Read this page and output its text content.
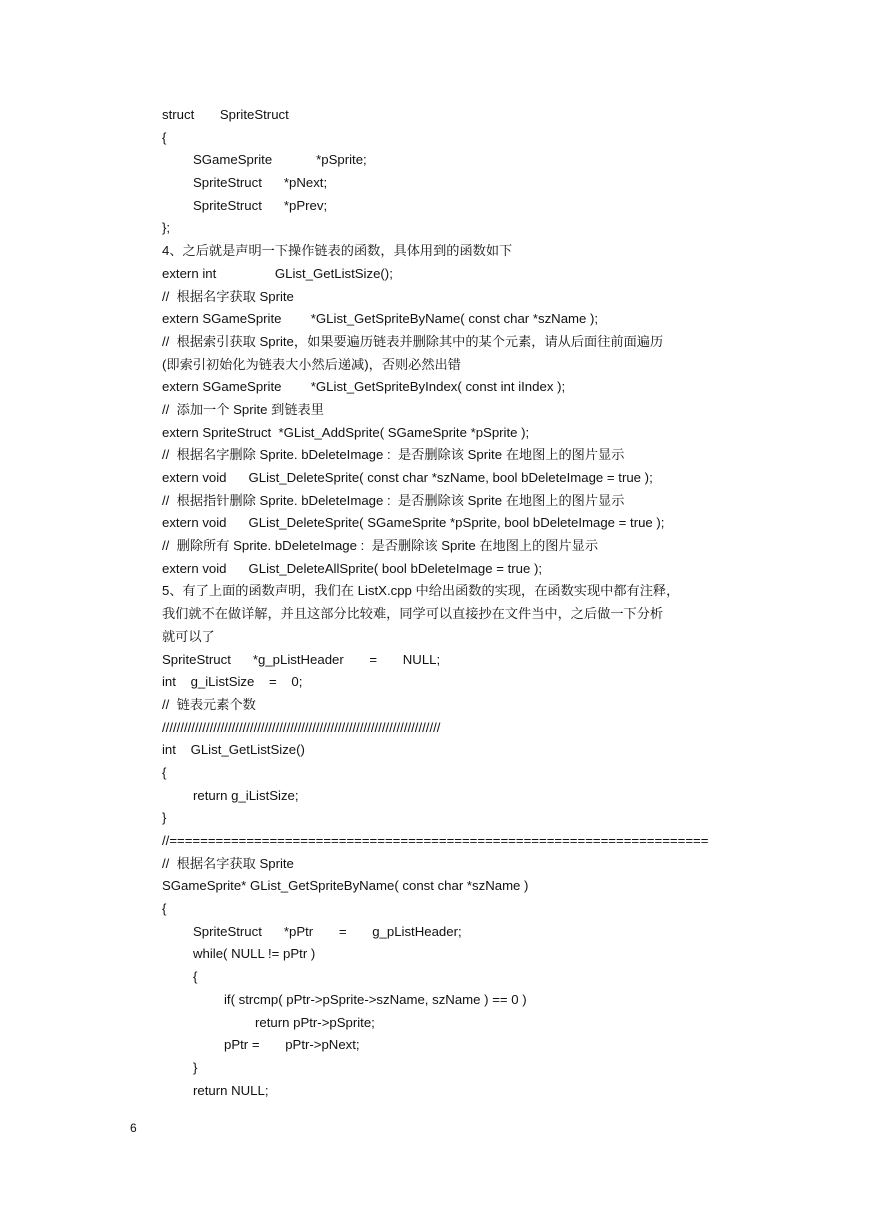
struct       SpriteStruct
{
SGameSprite            *pSprite;
SpriteStruct      *pNext;
SpriteStruct      *pPrev;
};
4、之后就是声明一下操作链表的函数，具体用到的函数如下
extern int                GList_GetListSize();
//  根据名字获取 Sprite
extern SGameSprite        *GList_GetSpriteByName( const char *szName );
//  根据索引获取 Sprite，如果要遍历链表并删除其中的某个元素，请从后面往前面遍历
(即索引初始化为链表大小然后递减)，否则必然出错
extern SGameSprite        *GList_GetSpriteByIndex( const int iIndex );
//  添加一个 Sprite 到链表里
extern SpriteStruct  *GList_AddSprite( SGameSprite *pSprite );
//  根据名字删除 Sprite. bDeleteImage :  是否删除该 Sprite 在地图上的图片显示
extern void      GList_DeleteSprite( const char *szName, bool bDeleteImage = true );
//  根据指针删除 Sprite. bDeleteImage :  是否删除该 Sprite 在地图上的图片显示
extern void      GList_DeleteSprite( SGameSprite *pSprite, bool bDeleteImage = true );
//  删除所有 Sprite. bDeleteImage :  是否删除该 Sprite 在地图上的图片显示
extern void      GList_DeleteAllSprite( bool bDeleteImage = true );
5、有了上面的函数声明，我们在 ListX.cpp 中给出函数的实现，在函数实现中都有注释，
我们就不在做详解，并且这部分比较难，同学可以直接抄在文件当中，之后做一下分析
就可以了
SpriteStruct      *g_pListHeader       =       NULL;
int    g_iListSize    =    0;
//  链表元素个数
////////////////////////////////////////////////////////////////////////////
int    GList_GetListSize()
{
return g_iListSize;
}
//======================================================================
//  根据名字获取 Sprite
SGameSprite* GList_GetSpriteByName( const char *szName )
{
SpriteStruct      *pPtr       =       g_pListHeader;
while( NULL != pPtr )
{
if( strcmp( pPtr->pSprite->szName, szName ) == 0 )
return pPtr->pSprite;
pPtr =       pPtr->pNext;
}
return NULL;
6
